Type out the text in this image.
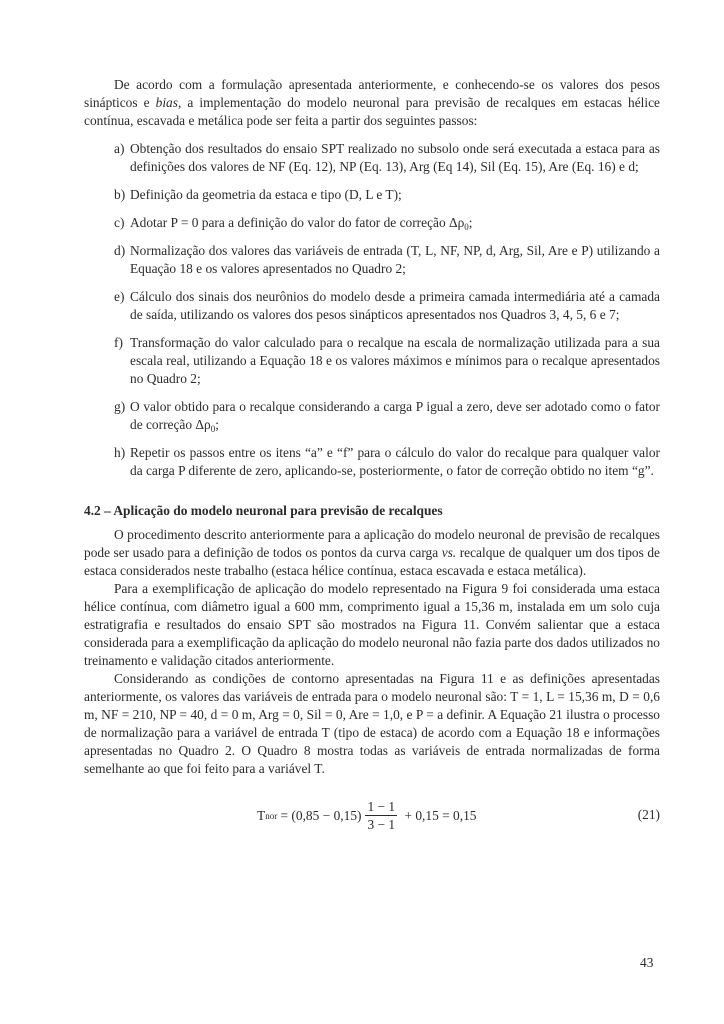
De acordo com a formulação apresentada anteriormente, e conhecendo-se os valores dos pesos sinápticos e bias, a implementação do modelo neuronal para previsão de recalques em estacas hélice contínua, escavada e metálica pode ser feita a partir dos seguintes passos:

a) Obtenção dos resultados do ensaio SPT realizado no subsolo onde será executada a estaca para as definições dos valores de NF (Eq. 12), NP (Eq. 13), Arg (Eq 14), Sil (Eq. 15), Are (Eq. 16) e d;
b) Definição da geometria da estaca e tipo (D, L e T);
c) Adotar P = 0 para a definição do valor do fator de correção $\Delta\rho_0$;
d) Normalização dos valores das variáveis de entrada (T, L, NF, NP, d, Arg, Sil, Are e P) utilizando a Equação 18 e os valores apresentados no Quadro 2;
e) Cálculo dos sinais dos neurônios do modelo desde a primeira camada intermediária até a camada de saída, utilizando os valores dos pesos sinápticos apresentados nos Quadros 3, 4, 5, 6 e 7;
f) Transformação do valor calculado para o recalque na escala de normalização utilizada para a sua escala real, utilizando a Equação 18 e os valores máximos e mínimos para o recalque apresentados no Quadro 2;
g) O valor obtido para o recalque considerando a carga P igual a zero, deve ser adotado como o fator de correção $\Delta\rho_0$;
h) Repetir os passos entre os itens “a” e “f” para o cálculo do valor do recalque para qualquer valor da carga P diferente de zero, aplicando-se, posteriormente, o fator de correção obtido no item “g”.
4.2 – Aplicação do modelo neuronal para previsão de recalques

O procedimento descrito anteriormente para a aplicação do modelo neuronal de previsão de recalques pode ser usado para a definição de todos os pontos da curva carga vs. recalque de qualquer um dos tipos de estaca considerados neste trabalho (estaca hélice contínua, estaca escavada e estaca metálica).

Para a exemplificação de aplicação do modelo representado na Figura 9 foi considerada uma estaca hélice contínua, com diâmetro igual a 600 mm, comprimento igual a 15,36 m, instalada em um solo cuja estratigrafia e resultados do ensaio SPT são mostrados na Figura 11. Convém salientar que a estaca considerada para a exemplificação da aplicação do modelo neuronal não fazia parte dos dados utilizados no treinamento e validação citados anteriormente.

Considerando as condições de contorno apresentadas na Figura 11 e as definições apresentadas anteriormente, os valores das variáveis de entrada para o modelo neuronal são: T = 1, L = 15,36 m, D = 0,6 m, NF = 210, NP = 40, d = 0 m, Arg = 0, Sil = 0, Are = 1,0, e P = a definir. A Equação 21 ilustra o processo de normalização para a variável de entrada T (tipo de estaca) de acordo com a Equação 18 e informações apresentadas no Quadro 2. O Quadro 8 mostra todas as variáveis de entrada normalizadas de forma semelhante ao que foi feito para a variável T.

T nor = $(0,85 - 0,15) \frac{1 - 1}{3 - 1} + 0,15 = 0,15$	(21)
43
